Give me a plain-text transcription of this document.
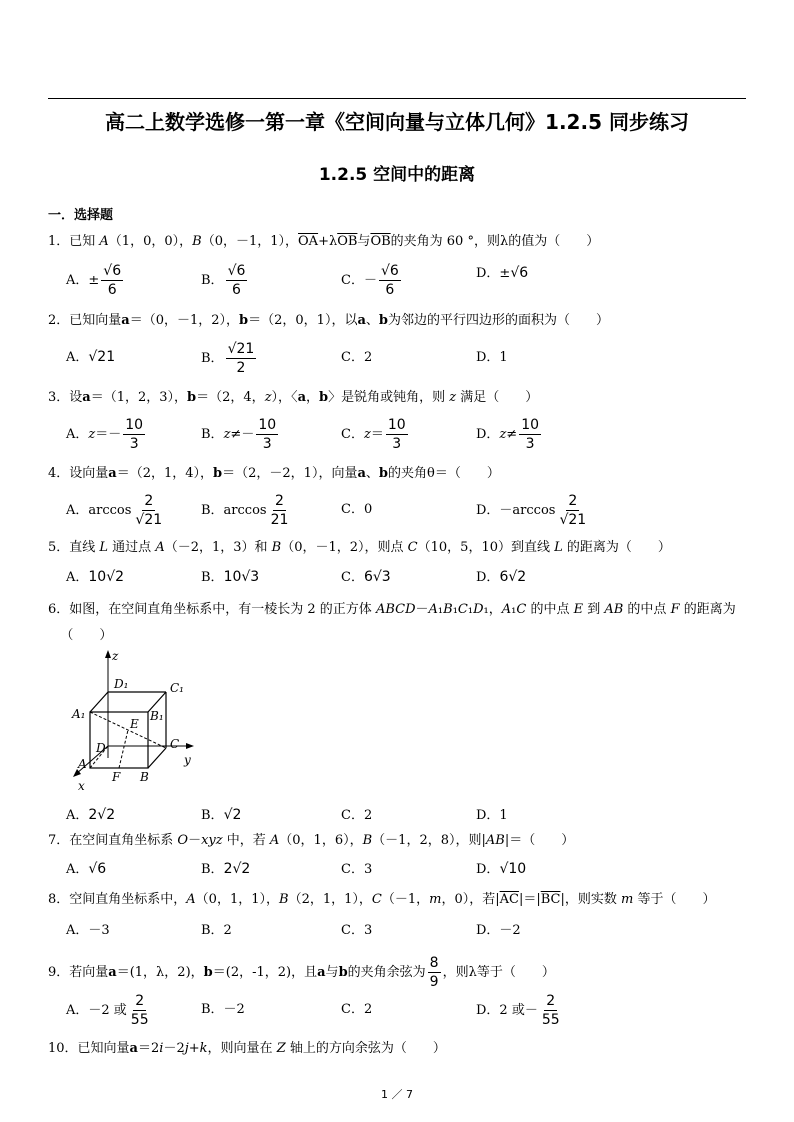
高二上数学选修一第一章《空间向量与立体几何》1.2.5 同步练习
1.2.5 空间中的距离
一．选择题
1．已知 A（1，0，0），B（0，－1，1），$\overline{OA}+\lambda\overline{OB}$与$\overline{OB}$的夹角为 60 °，则λ的值为（　　）
A．± $\frac{√6}{6}$	B． $\frac{√6}{6}$	C．－ $\frac{√6}{6}$	D．±√6
2．已知向量a＝（0，－1，2），b＝（2，0，1），以a、b为邻边的平行四边形的面积为（　　）
A．√21	B． $\frac{√21}{2}$	C．2	D．1
3．设a＝（1，2，3），b＝（2，4，z），〈a，b〉是锐角或钝角，则 z 满足（　　）
A．$z=- \frac{10}{3}$	B．$z\ne- \frac{10}{3}$	C．$z= \frac{10}{3}$	D．$z\ne \frac{10}{3}$
4．设向量a＝（2，1，4），b＝（2，－2，1），向量a、b的夹角θ＝（　　）
A．$\arccos \frac{2}{√21}$	B．$\arccos \frac{2}{21}$	C．0	D．$-\arccos \frac{2}{√21}$
5．直线 L 通过点 A（－2，1，3）和 B（0，－1，2），则点 C（10，5，10）到直线 L 的距离为（　　）
A．10√2	B．10√3	C．6√3	D．6√2
6．如图，在空间直角坐标系中，有一棱长为 2 的正方体 ABCD－A₁B₁C₁D₁，A₁C 的中点 E 到 AB 的中点 F 的距离为
（　　）
z
D₁	C₁
A₁	B₁
E
D	C
A
F B
x
y
A．2√2	B．√2	C．2	D．1
7．在空间直角坐标系 O－xyz 中，若 A（0，1，6），B（－1，2，8），则|AB|＝（　　）
A．√6	B．2√2	C．3	D．√10
8．空间直角坐标系中，A（0，1，1），B（2，1，1），C（－1，m，0），若$|\overline{AC}|=|\overline{BC}|$，则实数 m 等于（　　）
A．－3	B．2	C．3	D．－2
9．若向量a＝(1，λ，2)，b＝(2，-1，2)，且a与b的夹角余弦为 $\frac{8}{9}$ ，则λ等于（　　）
A．－2 或 $\frac{2}{55}$	B．－2	C．2	D．2 或－ $\frac{2}{55}$
10．已知向量a＝2i－2j+k，则向量在 Z 轴上的方向余弦为（　　）
1 ／ 7
